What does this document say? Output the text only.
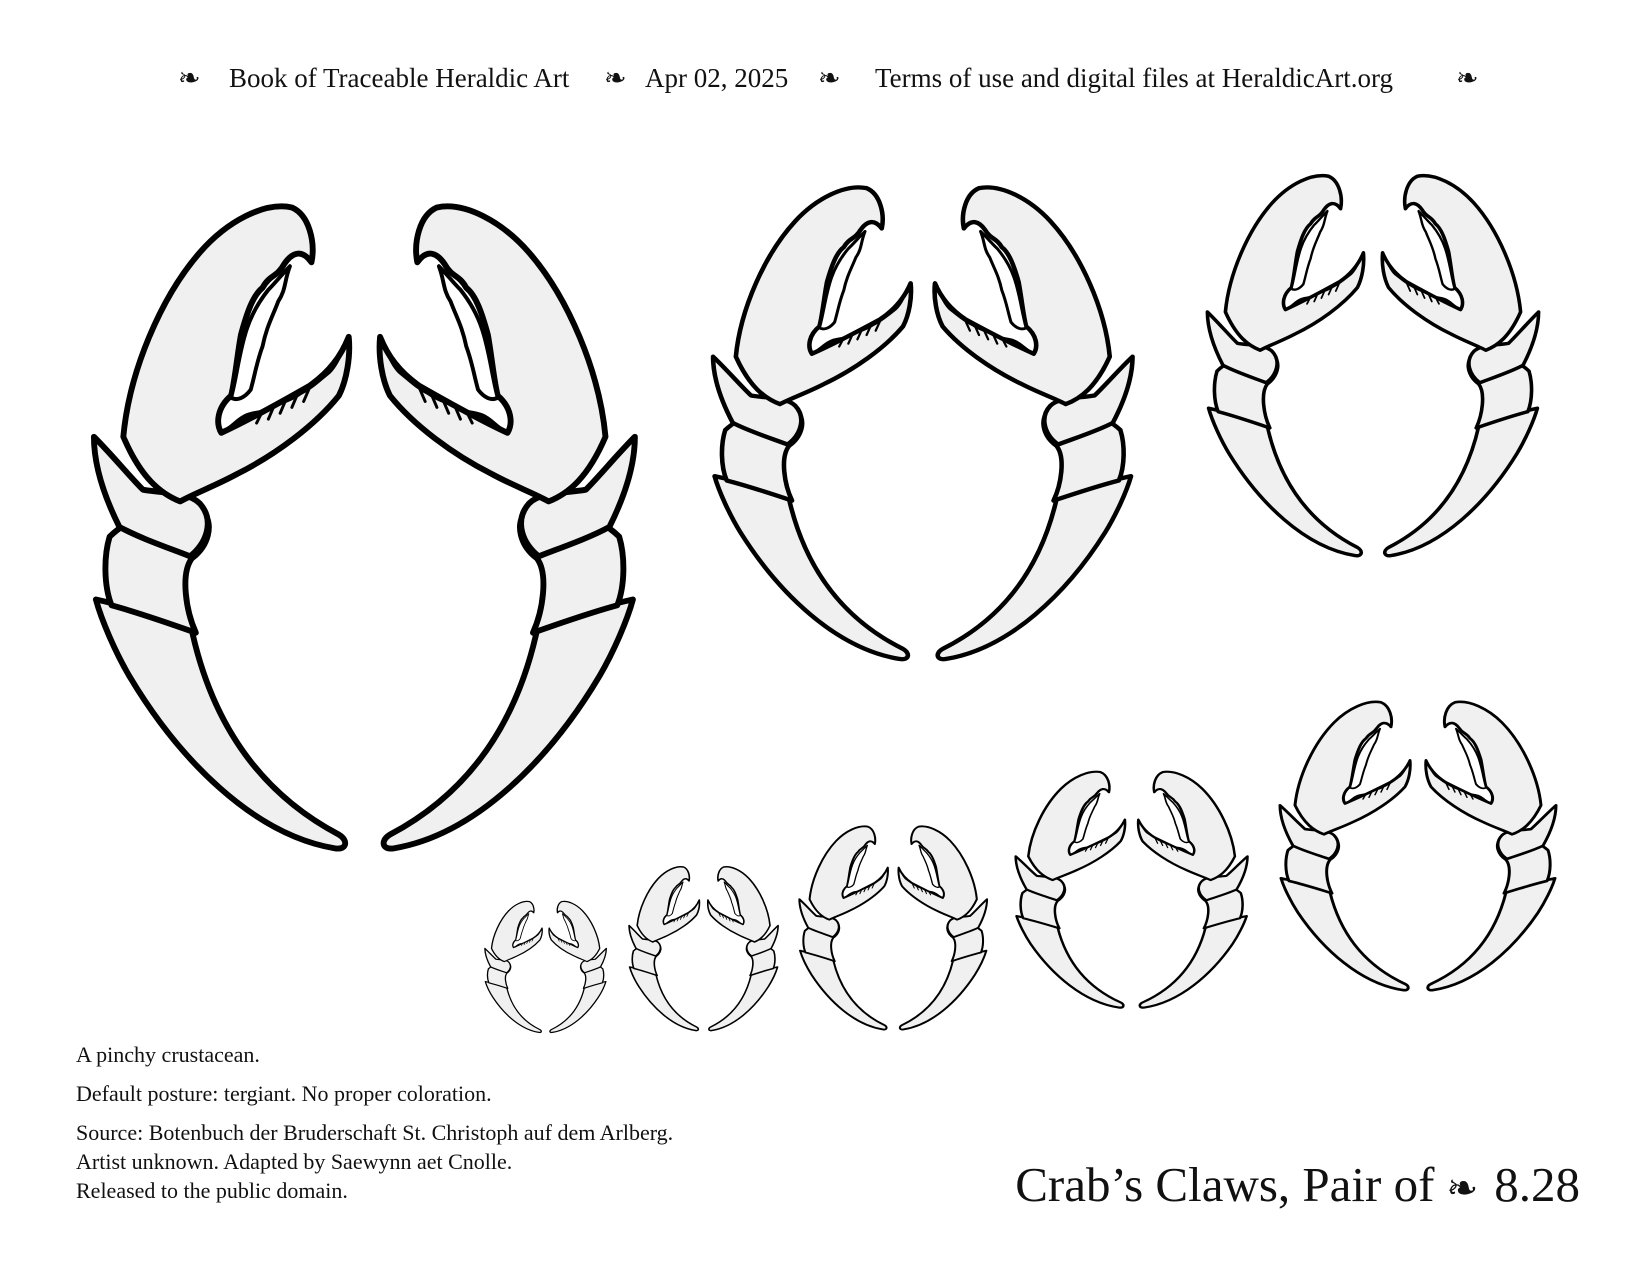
❧ Book of Traceable Heraldic Art ❧ Apr 02, 2025 ❧ Terms of use and digital files at HeraldicArt.org ❧

A pinchy crustacean.

Default posture: tergiant. No proper coloration.

Source: Botenbuch der Bruderschaft St. Christoph auf dem Arlberg.
Artist unknown. Adapted by Saewynn aet Cnolle.
Released to the public domain.	Crab’s Claws, Pair of ❧ 8.28
